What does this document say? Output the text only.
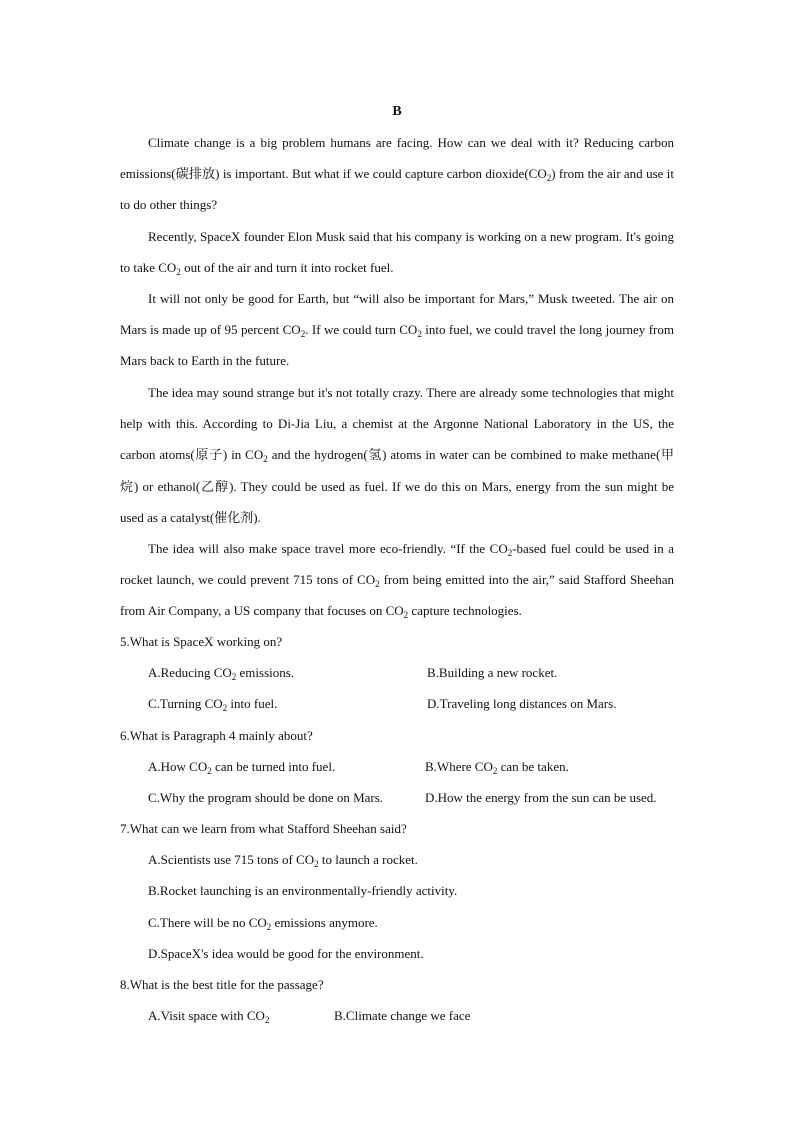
B

Climate change is a big problem humans are facing. How can we deal with it? Reducing carbon emissions(碳排放) is important. But what if we could capture carbon $dioxide(CO_2)$ from the air and use it to do other things?

Recently, SpaceX founder Elon Musk said that his company is working on a new program. It's going to take $CO_2$ out of the air and turn it into rocket fuel.

It will not only be good for Earth, but “will also be important for Mars,” Musk tweeted. The air on Mars is made up of 95 percent $CO_2$. If we could turn $CO_2$ into fuel, we could travel the long journey from Mars back to Earth in the future.

The idea may sound strange but it's not totally crazy. There are already some technologies that might help with this. According to Di-Jia Liu, a chemist at the Argonne National Laboratory in the US, the carbon atoms(原子) in $CO_2$ and the hydrogen(氢) atoms in water can be combined to make methane(甲烷) or ethanol(乙醇). They could be used as fuel. If we do this on Mars, energy from the sun might be used as a catalyst(催化剂).

The idea will also make space travel more eco-friendly. “If the $CO_2$-based fuel could be used in a rocket launch, we could prevent 715 tons of $CO_2$ from being emitted into the air,” said Stafford Sheehan from Air Company, a US company that focuses on $CO_2$ capture technologies.

5.What is SpaceX working on?
A.Reducing $CO_2$ emissions.	B.Building a new rocket.
C.Turning $CO_2$ into fuel.	D.Traveling long distances on Mars.
6.What is Paragraph 4 mainly about?
A.How $CO_2$ can be turned into fuel.	B.Where $CO_2$ can be taken.
C.Why the program should be done on Mars.	D.How the energy from the sun can be used.
7.What can we learn from what Stafford Sheehan said?
A.Scientists use 715 tons of $CO_2$ to launch a rocket.
B.Rocket launching is an environmentally-friendly activity.
C.There will be no $CO_2$ emissions anymore.
D.SpaceX's idea would be good for the environment.
8.What is the best title for the passage?
A.Visit space with $CO_2$	B.Climate change we face
